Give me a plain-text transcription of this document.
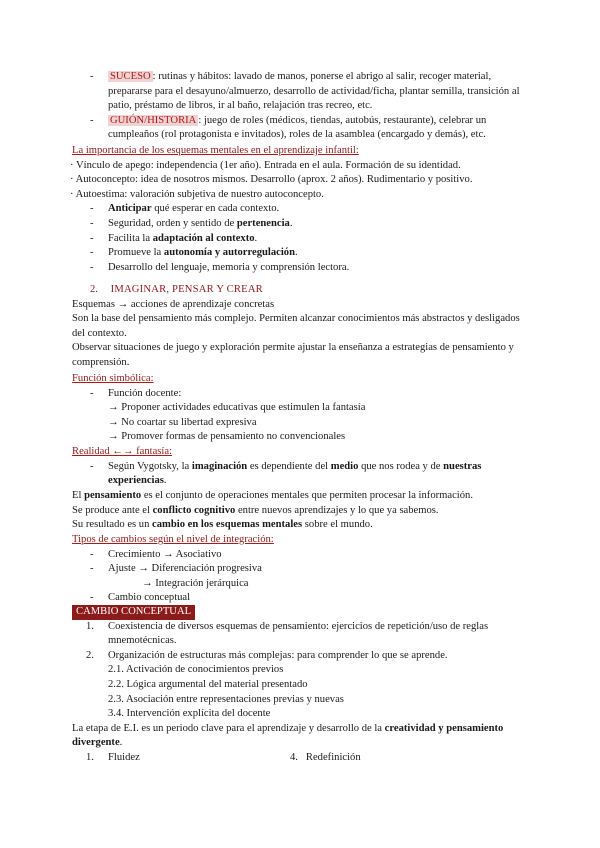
- SUCESO : rutinas y hábitos: lavado de manos, ponerse el abrigo al salir, recoger material, prepararse para el desayuno/almuerzo, desarrollo de actividad/ficha, plantar semilla, transición al patio, préstamo de libros, ir al baño, relajación tras recreo, etc.
- GUIÓN/HISTORIA : juego de roles (médicos, tiendas, autobús, restaurante), celebrar un cumpleaños (rol protagonista e invitados), roles de la asamblea (encargado y demás), etc.
La importancia de los esquemas mentales en el aprendizaje infantil:
· Vínculo de apego: independencia (1er año). Entrada en el aula. Formación de su identidad.
· Autoconcepto: idea de nosotros mismos. Desarrollo (aprox. 2 años). Rudimentario y positivo.
· Autoestima: valoración subjetiva de nuestro autoconcepto.
- Anticipar qué esperar en cada contexto.
- Seguridad, orden y sentido de pertenencia.
- Facilita la adaptación al contexto.
- Promueve la autonomía y autorregulación.
- Desarrollo del lenguaje, memoria y comprensión lectora.
2. IMAGINAR, PENSAR Y CREAR
Esquemas → acciones de aprendizaje concretas
Son la base del pensamiento más complejo. Permiten alcanzar conocimientos más abstractos y desligados del contexto.
Observar situaciones de juego y exploración permite ajustar la enseñanza a estrategias de pensamiento y comprensión.
Función simbólica:
- Función docente:
→ Proponer actividades educativas que estimulen la fantasía
→ No coartar su libertad expresiva
→ Promover formas de pensamiento no convencionales
Realidad ←→ fantasía:
- Según Vygotsky, la imaginación es dependiente del medio que nos rodea y de nuestras experiencias.
El pensamiento es el conjunto de operaciones mentales que permiten procesar la información.
Se produce ante el conflicto cognitivo entre nuevos aprendizajes y lo que ya sabemos.
Su resultado es un cambio en los esquemas mentales sobre el mundo.
Tipos de cambios según el nivel de integración:
- Crecimiento → Asociativo
- Ajuste → Diferenciación progresiva
→ Integración jerárquica
- Cambio conceptual
CAMBIO CONCEPTUAL
1. Coexistencia de diversos esquemas de pensamiento: ejercicios de repetición/uso de reglas mnemotécnicas.
2. Organización de estructuras más complejas: para comprender lo que se aprende.
2.1. Activación de conocimientos previos
2.2. Lógica argumental del material presentado
2.3. Asociación entre representaciones previas y nuevas
3.4. Intervención explícita del docente
La etapa de E.I. es un periodo clave para el aprendizaje y desarrollo de la creatividad y pensamiento divergente.
1. Fluidez	4. Redefinición
